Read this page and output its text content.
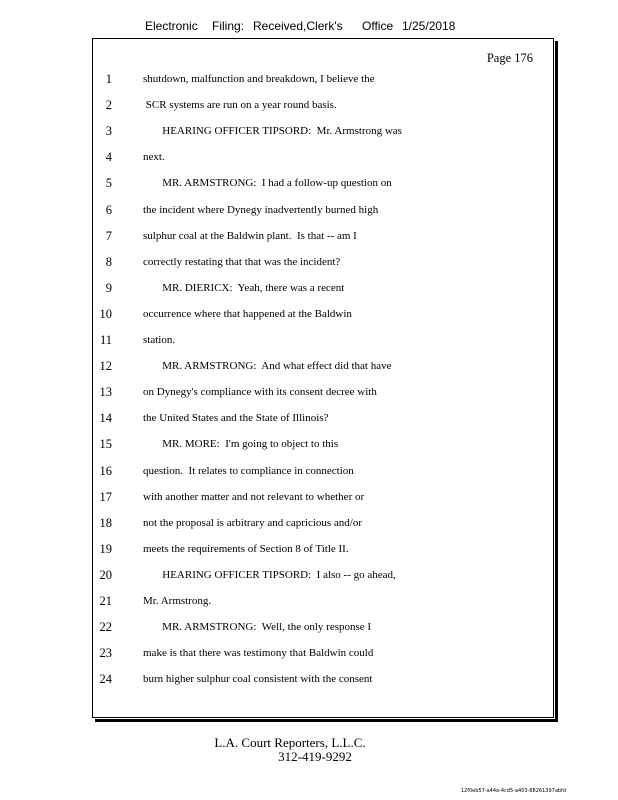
Electronic Filing: Received,Clerk's Office 1/25/2018
Page 176
1	shutdown, malfunction and breakdown, I believe the
2	SCR systems are run on a year round basis.
3	HEARING OFFICER TIPSORD:  Mr. Armstrong was
4	next.
5	MR. ARMSTRONG:  I had a follow-up question on
6	the incident where Dynegy inadvertently burned high
7	sulphur coal at the Baldwin plant.  Is that -- am I
8	correctly restating that that was the incident?
9	MR. DIERICX:  Yeah, there was a recent
10	occurrence where that happened at the Baldwin
11	station.
12	MR. ARMSTRONG:  And what effect did that have
13	on Dynegy's compliance with its consent decree with
14	the United States and the State of Illinois?
15	MR. MORE:  I'm going to object to this
16	question.  It relates to compliance in connection
17	with another matter and not relevant to whether or
18	not the proposal is arbitrary and capricious and/or
19	meets the requirements of Section 8 of Title II.
20	HEARING OFFICER TIPSORD:  I also -- go ahead,
21	Mr. Armstrong.
22	MR. ARMSTRONG:  Well, the only response I
23	make is that there was testimony that Baldwin could
24	burn higher sulphur coal consistent with the consent
L.A. Court Reporters, L.L.C.
312-419-9292
12f0eb57-a44a-4cd5-a403-88261397abfd
